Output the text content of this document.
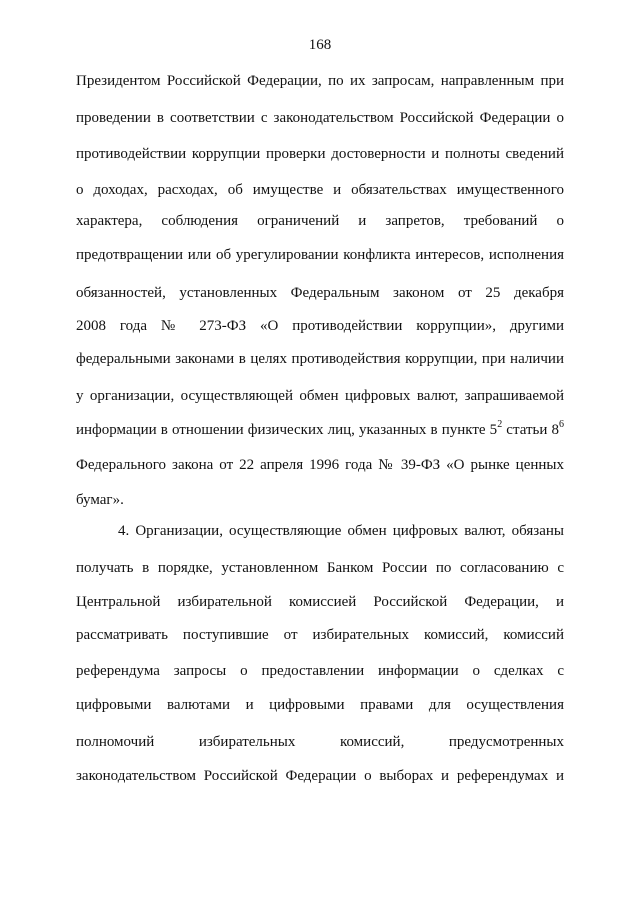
168
Президентом Российской Федерации, по их запросам, направленным при
проведении в соответствии с законодательством Российской Федерации о
противодействии коррупции проверки достоверности и полноты сведений
о доходах, расходах, об имуществе и обязательствах имущественного
характера, соблюдения ограничений и запретов, требований о
предотвращении или об урегулировании конфликта интересов, исполнения
обязанностей, установленных Федеральным законом от 25 декабря
2008 года № 273-ФЗ «О противодействии коррупции», другими
федеральными законами в целях противодействия коррупции, при наличии
у организации, осуществляющей обмен цифровых валют, запрашиваемой
информации в отношении физических лиц, указанных в пункте $5^2$ статьи $8^6$
Федерального закона от 22 апреля 1996 года № 39-ФЗ «О рынке ценных
бумаг».
4. Организации, осуществляющие обмен цифровых валют, обязаны
получать в порядке, установленном Банком России по согласованию с
Центральной избирательной комиссией Российской Федерации, и
рассматривать поступившие от избирательных комиссий, комиссий
референдума запросы о предоставлении информации о сделках с
цифровыми валютами и цифровыми правами для осуществления
полномочий избирательных комиссий, предусмотренных
законодательством Российской Федерации о выборах и референдумах и
